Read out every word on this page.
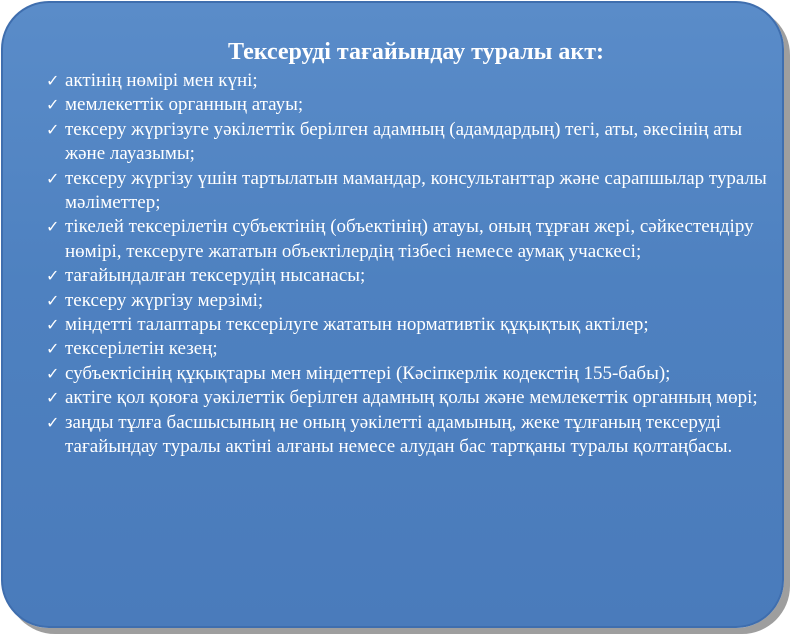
Тексеруді тағайындау туралы акт:
✓ актінің нөмірі мен күні;
✓ мемлекеттік органның атауы;
✓ тексеру жүргізуге уәкілеттік берілген адамның (адамдардың) тегі, аты, әкесінің аты және лауазымы;
✓ тексеру жүргізу үшін тартылатын мамандар, консультанттар және сарапшылар туралы мәліметтер;
✓ тікелей тексерілетін субъектінің (объектінің) атауы, оның тұрған жері, сәйкестендіру нөмірі, тексеруге жататын объектілердің тізбесі немесе аумақ учаскесі;
✓ тағайындалған тексерудің нысанасы;
✓ тексеру жүргізу мерзімі;
✓ міндетті талаптары тексерілуге жататын нормативтік құқықтық актілер;
✓ тексерілетін кезең;
✓ субъектісінің құқықтары мен міндеттері (Кәсіпкерлік кодекстің 155-бабы);
✓ актіге қол қоюға уәкілеттік берілген адамның қолы және мемлекеттік органның мөрі;
✓ заңды тұлға басшысының не оның уәкілетті адамының, жеке тұлғаның тексеруді тағайындау туралы актіні алғаны немесе алудан бас тартқаны туралы қолтаңбасы.
